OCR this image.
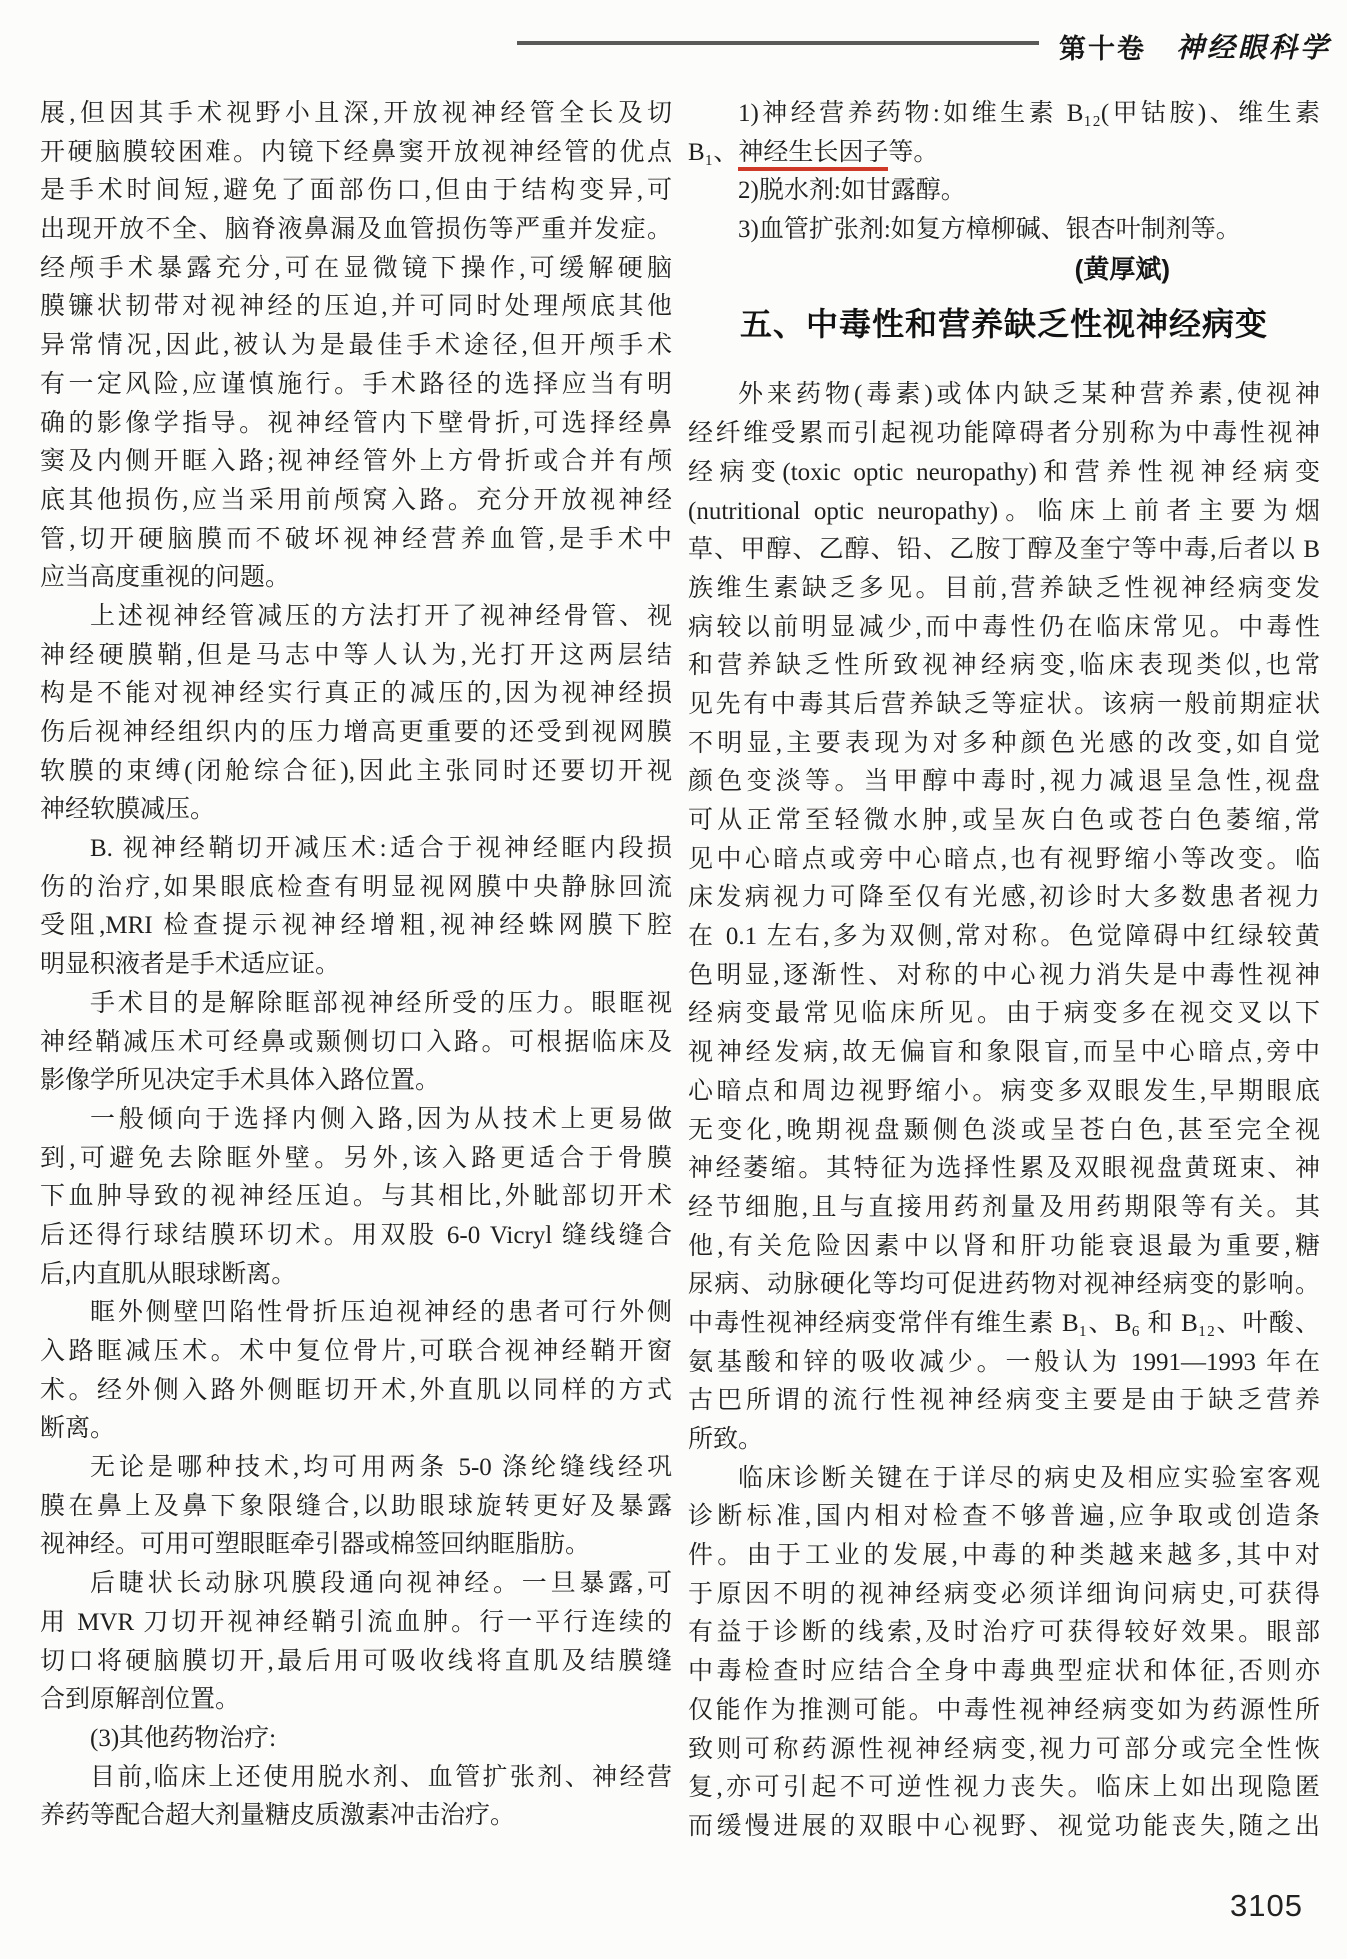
第十卷 神经眼科学
展,但因其手术视野小且深,开放视神经管全长及切
开硬脑膜较困难。内镜下经鼻窦开放视神经管的优点
是手术时间短,避免了面部伤口,但由于结构变异,可
出现开放不全、脑脊液鼻漏及血管损伤等严重并发症。
经颅手术暴露充分,可在显微镜下操作,可缓解硬脑
膜镰状韧带对视神经的压迫,并可同时处理颅底其他
异常情况,因此,被认为是最佳手术途径,但开颅手术
有一定风险,应谨慎施行。手术路径的选择应当有明
确的影像学指导。视神经管内下壁骨折,可选择经鼻
窦及内侧开眶入路;视神经管外上方骨折或合并有颅
底其他损伤,应当采用前颅窝入路。充分开放视神经
管,切开硬脑膜而不破坏视神经营养血管,是手术中
应当高度重视的问题。
上述视神经管减压的方法打开了视神经骨管、视
神经硬膜鞘,但是马志中等人认为,光打开这两层结
构是不能对视神经实行真正的减压的,因为视神经损
伤后视神经组织内的压力增高更重要的还受到视网膜
软膜的束缚(闭舱综合征),因此主张同时还要切开视
神经软膜减压。
B. 视神经鞘切开减压术:适合于视神经眶内段损
伤的治疗,如果眼底检查有明显视网膜中央静脉回流
受阻,MRI 检查提示视神经增粗,视神经蛛网膜下腔
明显积液者是手术适应证。
手术目的是解除眶部视神经所受的压力。眼眶视
神经鞘减压术可经鼻或颞侧切口入路。可根据临床及
影像学所见决定手术具体入路位置。
一般倾向于选择内侧入路,因为从技术上更易做
到,可避免去除眶外壁。另外,该入路更适合于骨膜
下血肿导致的视神经压迫。与其相比,外眦部切开术
后还得行球结膜环切术。用双股 6-0 Vicryl 缝线缝合
后,内直肌从眼球断离。
眶外侧壁凹陷性骨折压迫视神经的患者可行外侧
入路眶减压术。术中复位骨片,可联合视神经鞘开窗
术。经外侧入路外侧眶切开术,外直肌以同样的方式
断离。
无论是哪种技术,均可用两条 5-0 涤纶缝线经巩
膜在鼻上及鼻下象限缝合,以助眼球旋转更好及暴露
视神经。可用可塑眼眶牵引器或棉签回纳眶脂肪。
后睫状长动脉巩膜段通向视神经。一旦暴露,可
用 MVR 刀切开视神经鞘引流血肿。行一平行连续的
切口将硬脑膜切开,最后用可吸收线将直肌及结膜缝
合到原解剖位置。
(3)其他药物治疗:
目前,临床上还使用脱水剂、血管扩张剂、神经营
养药等配合超大剂量糖皮质激素冲击治疗。
1)神经营养药物:如维生素 B₁₂(甲钴胺)、维生素
B₁、神经生长因子等。
2)脱水剂:如甘露醇。
3)血管扩张剂:如复方樟柳碱、银杏叶制剂等。
(黄厚斌)
五、中毒性和营养缺乏性视神经病变
外来药物(毒素)或体内缺乏某种营养素,使视神
经纤维受累而引起视功能障碍者分别称为中毒性视神
经病变(toxic optic neuropathy)和营养性视神经病变
(nutritional optic neuropathy)。临床上前者主要为烟
草、甲醇、乙醇、铅、乙胺丁醇及奎宁等中毒,后者以 B
族维生素缺乏多见。目前,营养缺乏性视神经病变发
病较以前明显减少,而中毒性仍在临床常见。中毒性
和营养缺乏性所致视神经病变,临床表现类似,也常
见先有中毒其后营养缺乏等症状。该病一般前期症状
不明显,主要表现为对多种颜色光感的改变,如自觉
颜色变淡等。当甲醇中毒时,视力减退呈急性,视盘
可从正常至轻微水肿,或呈灰白色或苍白色萎缩,常
见中心暗点或旁中心暗点,也有视野缩小等改变。临
床发病视力可降至仅有光感,初诊时大多数患者视力
在 0.1 左右,多为双侧,常对称。色觉障碍中红绿较黄
色明显,逐渐性、对称的中心视力消失是中毒性视神
经病变最常见临床所见。由于病变多在视交叉以下
视神经发病,故无偏盲和象限盲,而呈中心暗点,旁中
心暗点和周边视野缩小。病变多双眼发生,早期眼底
无变化,晚期视盘颞侧色淡或呈苍白色,甚至完全视
神经萎缩。其特征为选择性累及双眼视盘黄斑束、神
经节细胞,且与直接用药剂量及用药期限等有关。其
他,有关危险因素中以肾和肝功能衰退最为重要,糖
尿病、动脉硬化等均可促进药物对视神经病变的影响。
中毒性视神经病变常伴有维生素 B₁、B₆ 和 B₁₂、叶酸、
氨基酸和锌的吸收减少。一般认为 1991—1993 年在
古巴所谓的流行性视神经病变主要是由于缺乏营养
所致。
临床诊断关键在于详尽的病史及相应实验室客观
诊断标准,国内相对检查不够普遍,应争取或创造条
件。由于工业的发展,中毒的种类越来越多,其中对
于原因不明的视神经病变必须详细询问病史,可获得
有益于诊断的线索,及时治疗可获得较好效果。眼部
中毒检查时应结合全身中毒典型症状和体征,否则亦
仅能作为推测可能。中毒性视神经病变如为药源性所
致则可称药源性视神经病变,视力可部分或完全性恢
复,亦可引起不可逆性视力丧失。临床上如出现隐匿
而缓慢进展的双眼中心视野、视觉功能丧失,随之出
3105
